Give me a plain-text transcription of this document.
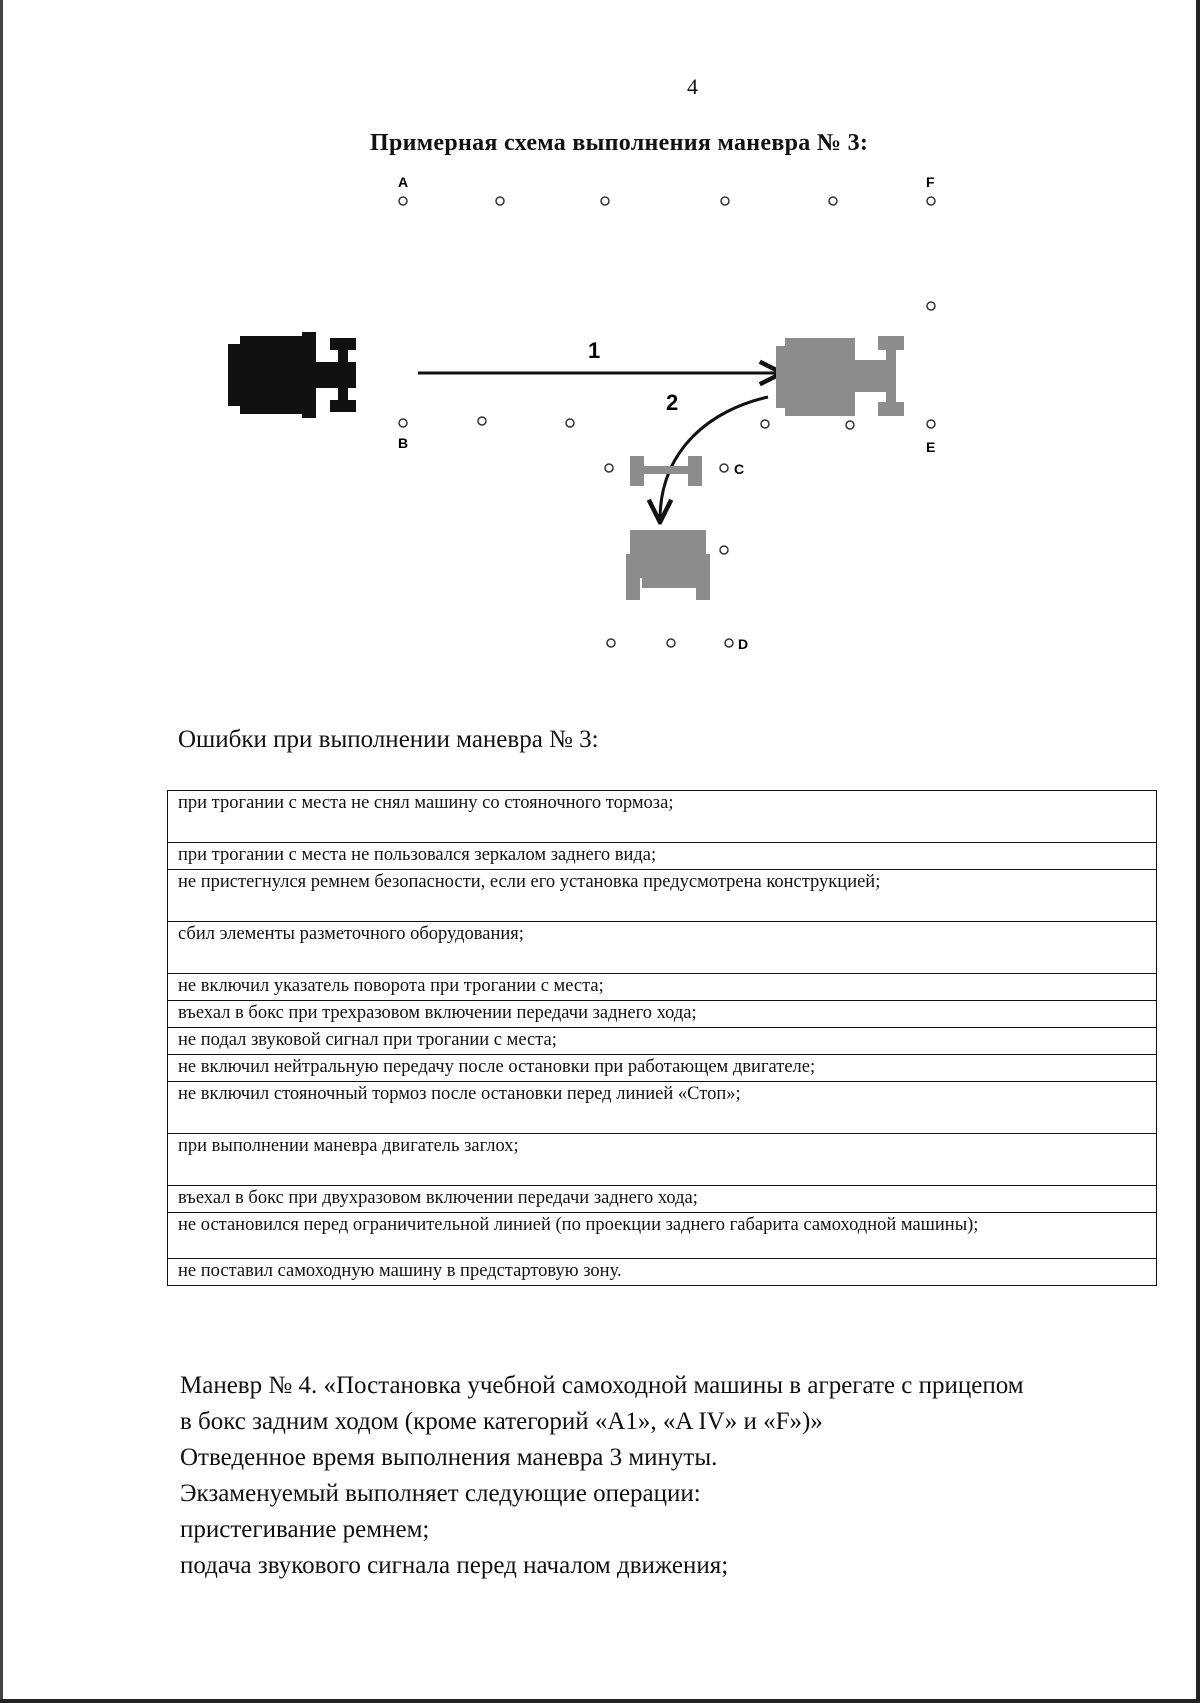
4
Примерная схема выполнения маневра № 3:
A	F
E
B
C
D
1
2
Ошибки при выполнении маневра № 3:
при трогании с места не снял машину со стояночного тормоза;
при трогании с места не пользовался зеркалом заднего вида;
не пристегнулся ремнем безопасности, если его установка предусмотрена конструкцией;
сбил элементы разметочного оборудования;
не включил указатель поворота при трогании с места;
въехал в бокс при трехразовом включении передачи заднего хода;
не подал звуковой сигнал при трогании с места;
не включил нейтральную передачу после остановки при работающем двигателе;
не включил стояночный тормоз после остановки перед линией «Стоп»;
при выполнении маневра двигатель заглох;
въехал в бокс при двухразовом включении передачи заднего хода;
не остановился перед ограничительной линией (по проекции заднего габарита самоходной машины);
не поставил самоходную машину в предстартовую зону.

Маневр № 4. «Постановка учебной самоходной машины в агрегате с прицепом

в бокс задним ходом (кроме категорий «A1», «A IV» и «F»)»

Отведенное время выполнения маневра 3 минуты.

Экзаменуемый выполняет следующие операции:

пристегивание ремнем;

подача звукового сигнала перед началом движения;
